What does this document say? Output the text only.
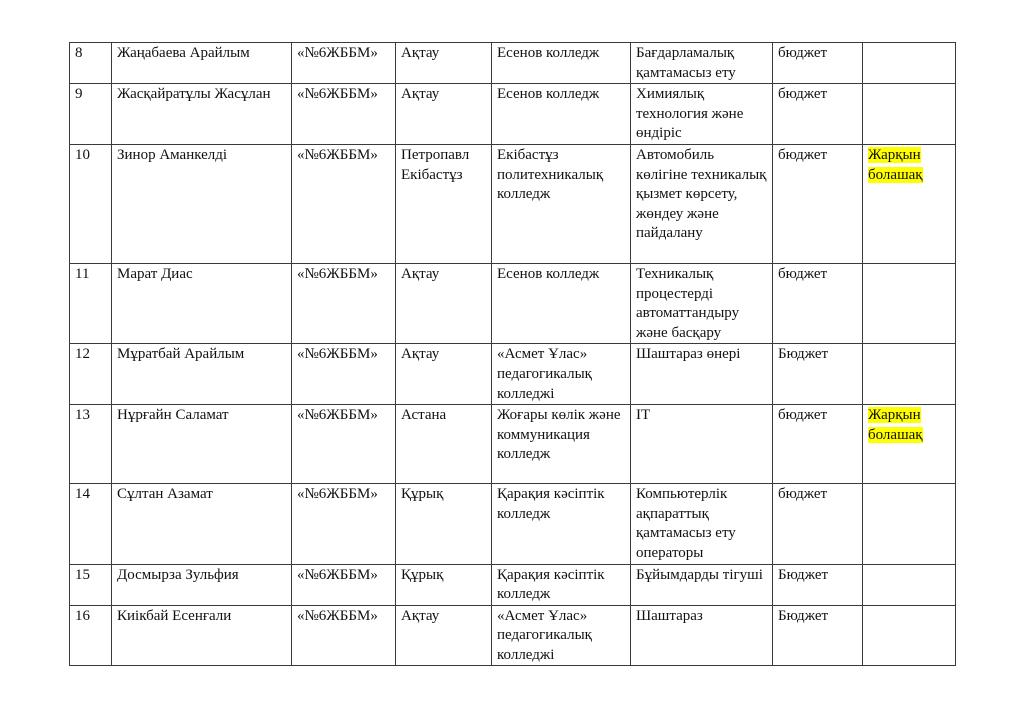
8	Жаңабаева Арайлым	«№6ЖББМ»	Ақтау	Есенов колледж	Бағдарламалық қамтамасыз ету	бюджет	
9	Жасқайратұлы Жасұлан	«№6ЖББМ»	Ақтау	Есенов колледж	Химиялық технология және өндіріс	бюджет	
10	Зинор Аманкелді	«№6ЖББМ»	Петропавл Екібастұз	Екібастұз политехникалық колледж	Автомобиль көлігіне техникалық қызмет көрсету, жөндеу және пайдалану	бюджет	Жарқын болашақ
11	Марат Диас	«№6ЖББМ»	Ақтау	Есенов колледж	Техникалық процестерді автоматтандыру және басқару	бюджет	
12	Мұратбай Арайлым	«№6ЖББМ»	Ақтау	«Асмет Ұлас» педагогикалық колледжі	Шаштараз өнері	Бюджет	
13	Нұрғайн Саламат	«№6ЖББМ»	Астана	Жоғары көлік және коммуникация колледж	IT	бюджет	Жарқын болашақ
14	Сұлтан Азамат	«№6ЖББМ»	Құрық	Қарақия кәсіптік колледж	Компьютерлік ақпараттық қамтамасыз ету операторы	бюджет	
15	Досмырза Зульфия	«№6ЖББМ»	Құрық	Қарақия кәсіптік колледж	Бұйымдарды тігуші	Бюджет	
16	Киікбай Есенғали	«№6ЖББМ»	Ақтау	«Асмет Ұлас» педагогикалық колледжі	Шаштараз	Бюджет	
